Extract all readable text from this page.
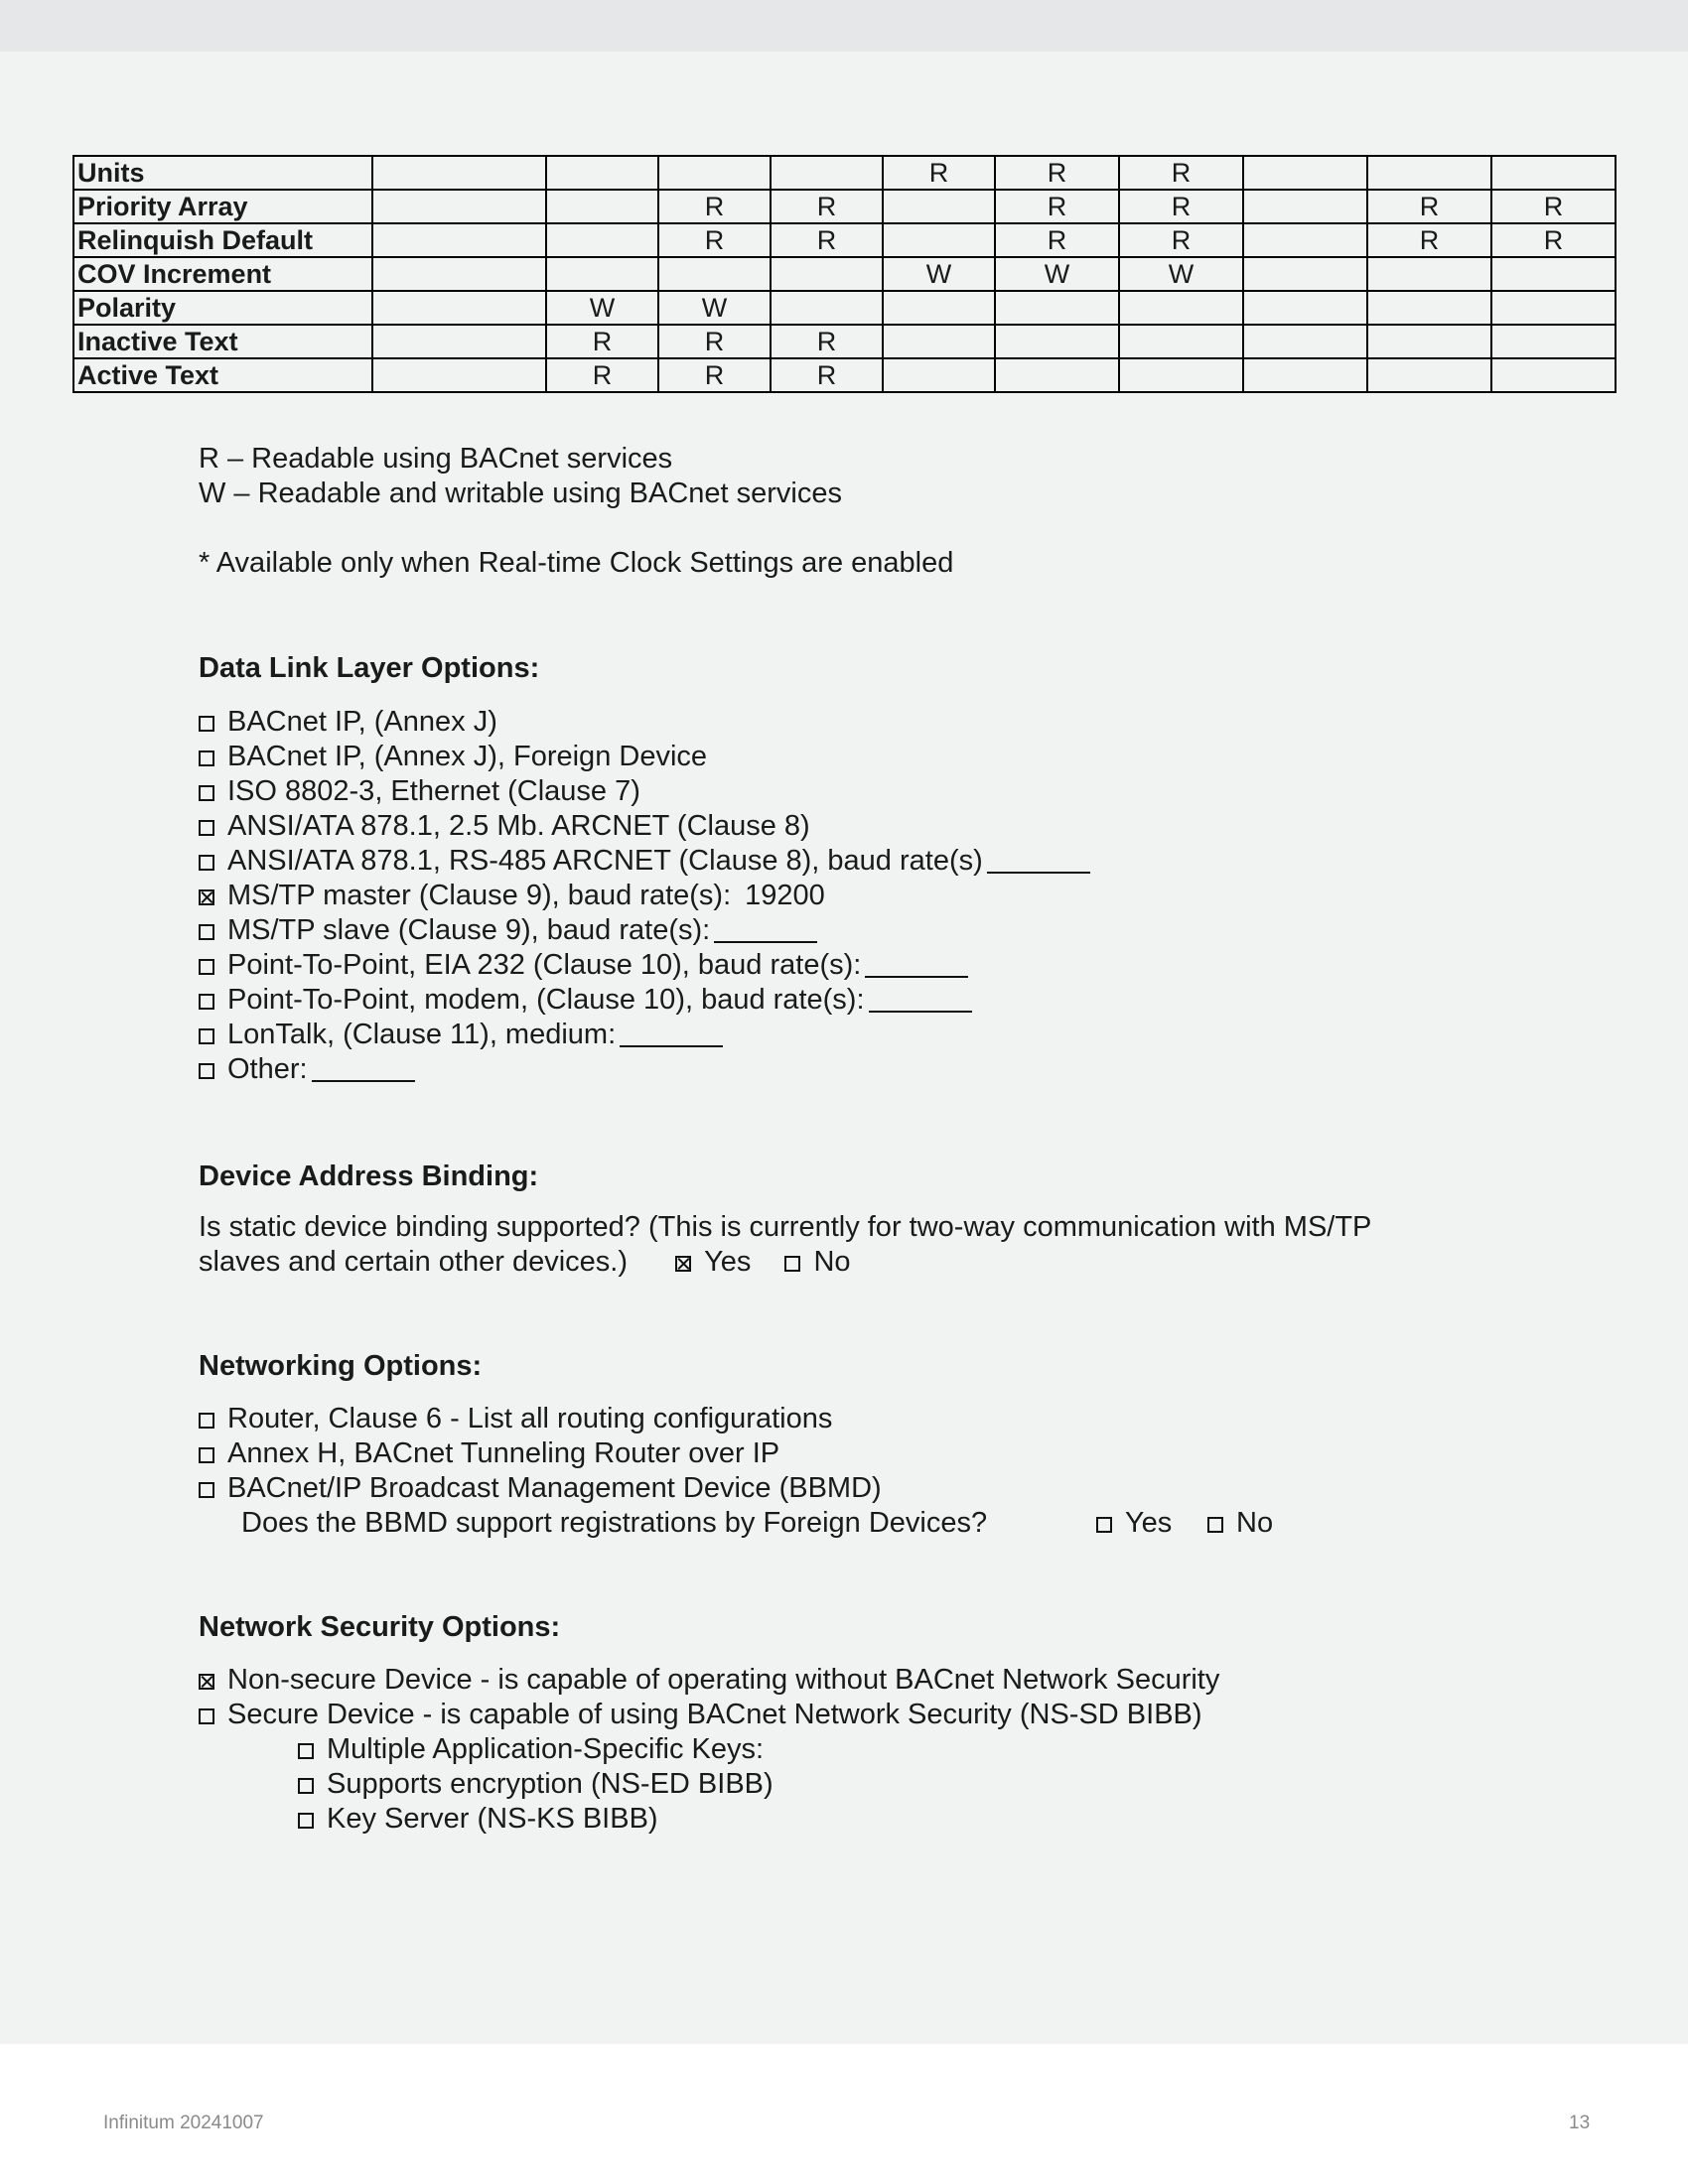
Units					R	R	R			
Priority Array			R	R		R	R		R	R
Relinquish Default			R	R		R	R		R	R
COV Increment					W	W	W			
Polarity		W	W							
Inactive Text		R	R	R						
Active Text		R	R	R						
R – Readable using BACnet services
W – Readable and writable using BACnet services
* Available only when Real-time Clock Settings are enabled
Data Link Layer Options:
BACnet IP, (Annex J)
BACnet IP, (Annex J), Foreign Device
ISO 8802-3, Ethernet (Clause 7)
ANSI/ATA 878.1, 2.5 Mb. ARCNET (Clause 8)
ANSI/ATA 878.1, RS-485 ARCNET (Clause 8), baud rate(s)
MS/TP master (Clause 9), baud rate(s): 19200
MS/TP slave (Clause 9), baud rate(s):
Point-To-Point, EIA 232 (Clause 10), baud rate(s):
Point-To-Point, modem, (Clause 10), baud rate(s):
LonTalk, (Clause 11), medium:
Other:
Device Address Binding:
Is static device binding supported? (This is currently for two-way communication with MS/TP
slaves and certain other devices.)	Yes No
Networking Options:
Router, Clause 6 - List all routing configurations
Annex H, BACnet Tunneling Router over IP
BACnet/IP Broadcast Management Device (BBMD)
Does the BBMD support registrations by Foreign Devices?	Yes	No
Network Security Options:
Non-secure Device - is capable of operating without BACnet Network Security
Secure Device - is capable of using BACnet Network Security (NS-SD BIBB)
Multiple Application-Specific Keys:
Supports encryption (NS-ED BIBB)
Key Server (NS-KS BIBB)
Infinitum 20241007	13
